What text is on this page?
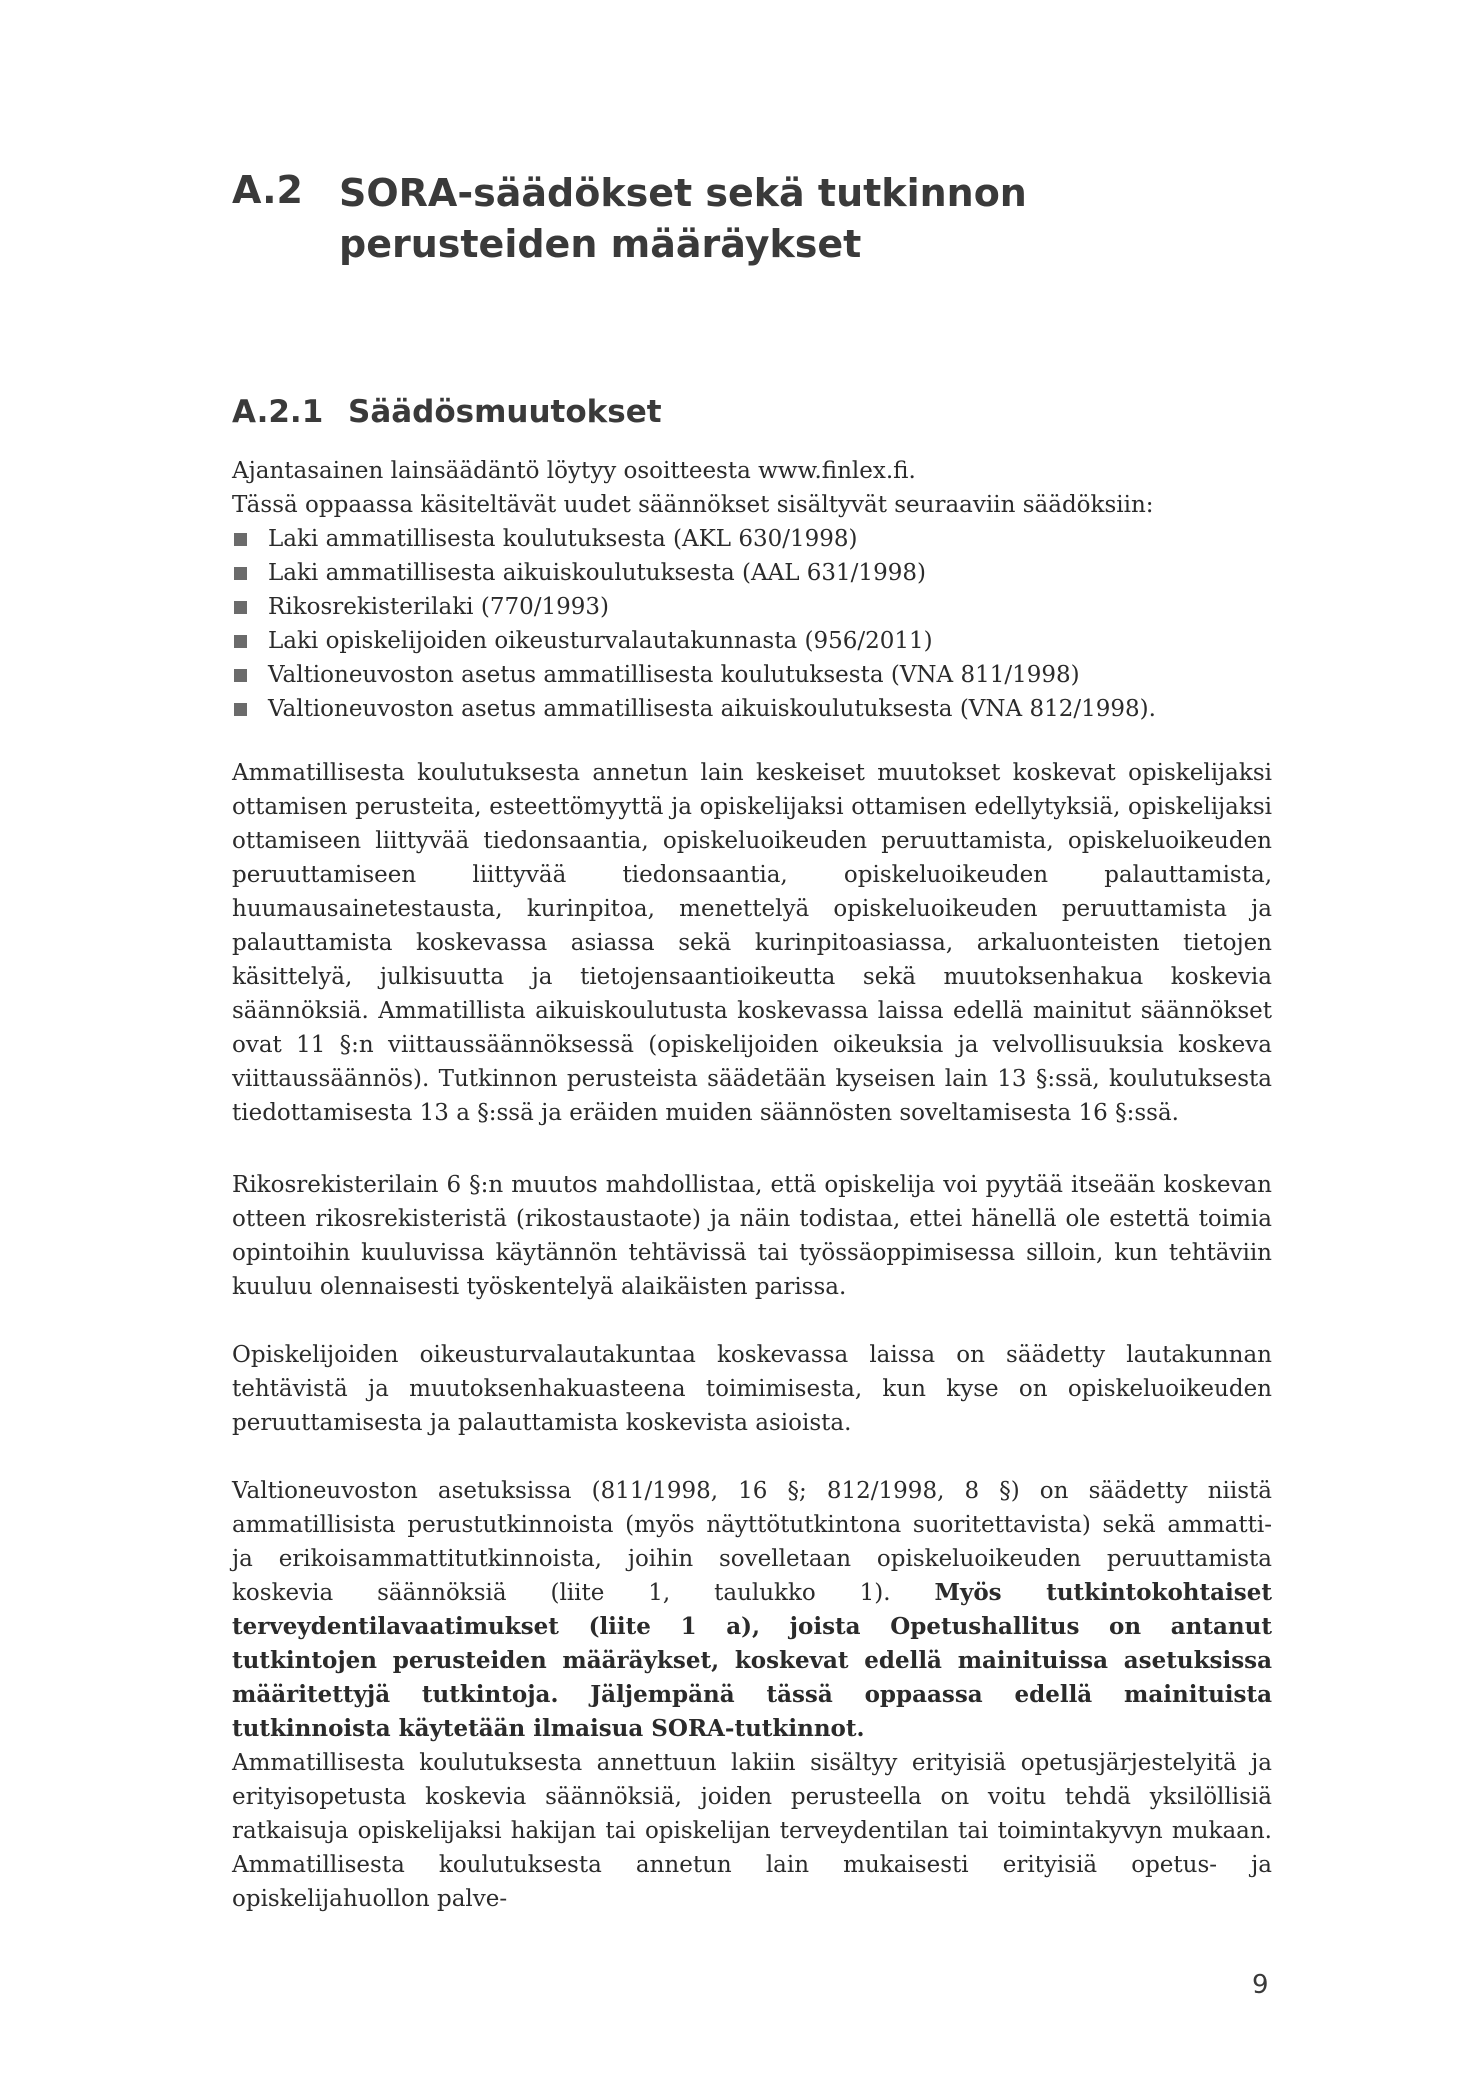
A.2 SORA-säädökset sekä tutkinnon perusteiden määräykset
A.2.1 Säädösmuutokset
Ajantasainen lainsäädäntö löytyy osoitteesta www.finlex.fi.
Tässä oppaassa käsiteltävät uudet säännökset sisältyvät seuraaviin säädöksiin:
Laki ammatillisesta koulutuksesta (AKL 630/1998)
Laki ammatillisesta aikuiskoulutuksesta (AAL 631/1998)
Rikosrekisterilaki (770/1993)
Laki opiskelijoiden oikeusturvalautakunnasta (956/2011)
Valtioneuvoston asetus ammatillisesta koulutuksesta (VNA 811/1998)
Valtioneuvoston asetus ammatillisesta aikuiskoulutuksesta (VNA 812/1998).

Ammatillisesta koulutuksesta annetun lain keskeiset muutokset koskevat opiskelijaksi ottamisen perusteita, esteettömyyttä ja opiskelijaksi ottamisen edellytyksiä, opiskelijaksi ottamiseen liittyvää tiedonsaantia, opiskeluoikeuden peruuttamista, opiskeluoikeuden peruuttamiseen liittyvää tiedonsaantia, opiskeluoikeuden palauttamista, huumausainetestausta, kurinpitoa, menettelyä opiskeluoikeuden peruuttamista ja palauttamista koskevassa asiassa sekä kurinpitoasiassa, arkaluonteisten tietojen käsittelyä, julkisuutta ja tietojensaantioikeutta sekä muutoksenhakua koskevia säännöksiä. Ammatillista aikuiskoulutusta koskevassa laissa edellä mainitut säännökset ovat 11 §:n viittaussäännöksessä (opiskelijoiden oikeuksia ja velvollisuuksia koskeva viittaussäännös). Tutkinnon perusteista säädetään kyseisen lain 13 §:ssä, koulutuksesta tiedottamisesta 13 a §:ssä ja eräiden muiden säännösten soveltamisesta 16 §:ssä.

Rikosrekisterilain 6 §:n muutos mahdollistaa, että opiskelija voi pyytää itseään koskevan otteen rikosrekisteristä (rikostaustaote) ja näin todistaa, ettei hänellä ole estettä toimia opintoihin kuuluvissa käytännön tehtävissä tai työssäoppimisessa silloin, kun tehtäviin kuuluu olennaisesti työskentelyä alaikäisten parissa.

Opiskelijoiden oikeusturvalautakuntaa koskevassa laissa on säädetty lautakunnan tehtävistä ja muutoksenhakuasteena toimimisesta, kun kyse on opiskeluoikeuden peruuttamisesta ja palauttamista koskevista asioista.

Valtioneuvoston asetuksissa (811/1998, 16 §; 812/1998, 8 §) on säädetty niistä ammatillisista perustutkinnoista (myös näyttötutkintona suoritettavista) sekä ammatti- ja erikoisammattitutkinnoista, joihin sovelletaan opiskeluoikeuden peruuttamista koskevia säännöksiä (liite 1, taulukko 1). Myös tutkintokohtaiset terveydentilavaatimukset (liite 1 a), joista Opetushallitus on antanut tutkintojen perusteiden määräykset, koskevat edellä mainituissa asetuksissa määritettyjä tutkintoja. Jäljempänä tässä oppaassa edellä mainituista tutkinnoista käytetään ilmaisua SORA-tutkinnot.

Ammatillisesta koulutuksesta annettuun lakiin sisältyy erityisiä opetusjärjestelyitä ja erityisopetusta koskevia säännöksiä, joiden perusteella on voitu tehdä yksilöllisiä ratkaisuja opiskelijaksi hakijan tai opiskelijan terveydentilan tai toimintakyvyn mukaan. Ammatillisesta koulutuksesta annetun lain mukaisesti erityisiä opetus- ja opiskelijahuollon palve-

9
